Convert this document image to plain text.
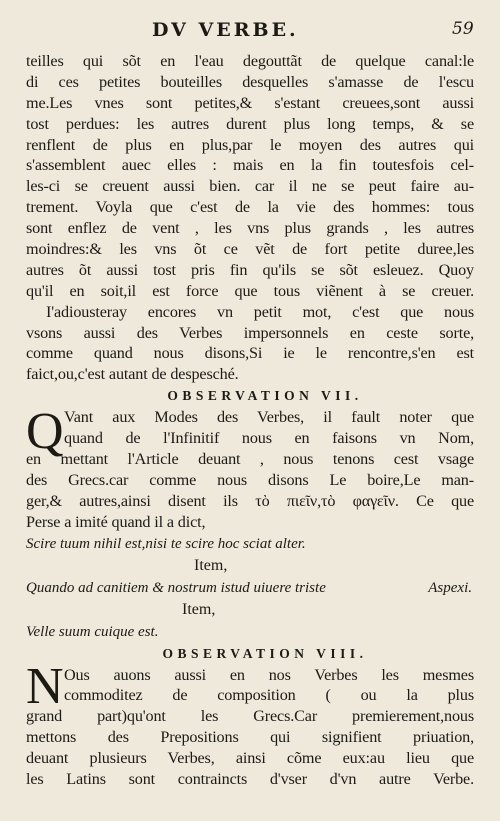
DV VERBE.	59
teilles qui sõt en l'eau degouttãt de quelque canal:le
di ces petites bouteilles desquelles s'amasse de l'escu
me.Les vnes sont petites,& s'estant creuees,sont aussi
tost perdues: les autres durent plus long temps, & se
renflent de plus en plus,par le moyen des autres qui
s'assemblent auec elles : mais en la fin toutesfois cel-
les-ci se creuent aussi bien. car il ne se peut faire au-
trement. Voyla que c'est de la vie des hommes: tous
sont enflez de vent , les vns plus grands , les autres
moindres:& les vns õt ce vẽt de fort petite duree,les
autres õt aussi tost pris fin qu'ils se sõt esleuez. Quoy
qu'il en soit,il est force que tous viẽnent à se creuer.
I'adiousteray encores vn petit mot, c'est que nous
vsons aussi des Verbes impersonnels en ceste sorte,
comme quand nous disons,Si ie le rencontre,s'en est
faict,ou,c'est autant de despesché.
OBSERVATION VII.
Q Vant aux Modes des Verbes, il fault noter que
quand de l'Infinitif nous en faisons vn Nom,
en mettant l'Article deuant , nous tenons cest vsage
des Grecs.car comme nous disons Le boire,Le man-
ger,& autres,ainsi disent ils τὸ πιεῖν,τὸ φαγεῖν. Ce que
Perse a imité quand il a dict,
Scire tuum nihil est,nisi te scire hoc sciat alter.
Item,
Quando ad canitiem & nostrum istud uiuere triste	Aspexi.
Item,
Velle suum cuique est.
OBSERVATION VIII.
N Ous auons aussi en nos Verbes les mesmes
commoditez de composition ( ou la plus
grand part)qu'ont les Grecs.Car premierement,nous
mettons des Prepositions qui signifient priuation,
deuant plusieurs Verbes, ainsi cõme eux:au lieu que
les Latins sont contraincts d'vser d'vn autre Verbe.
